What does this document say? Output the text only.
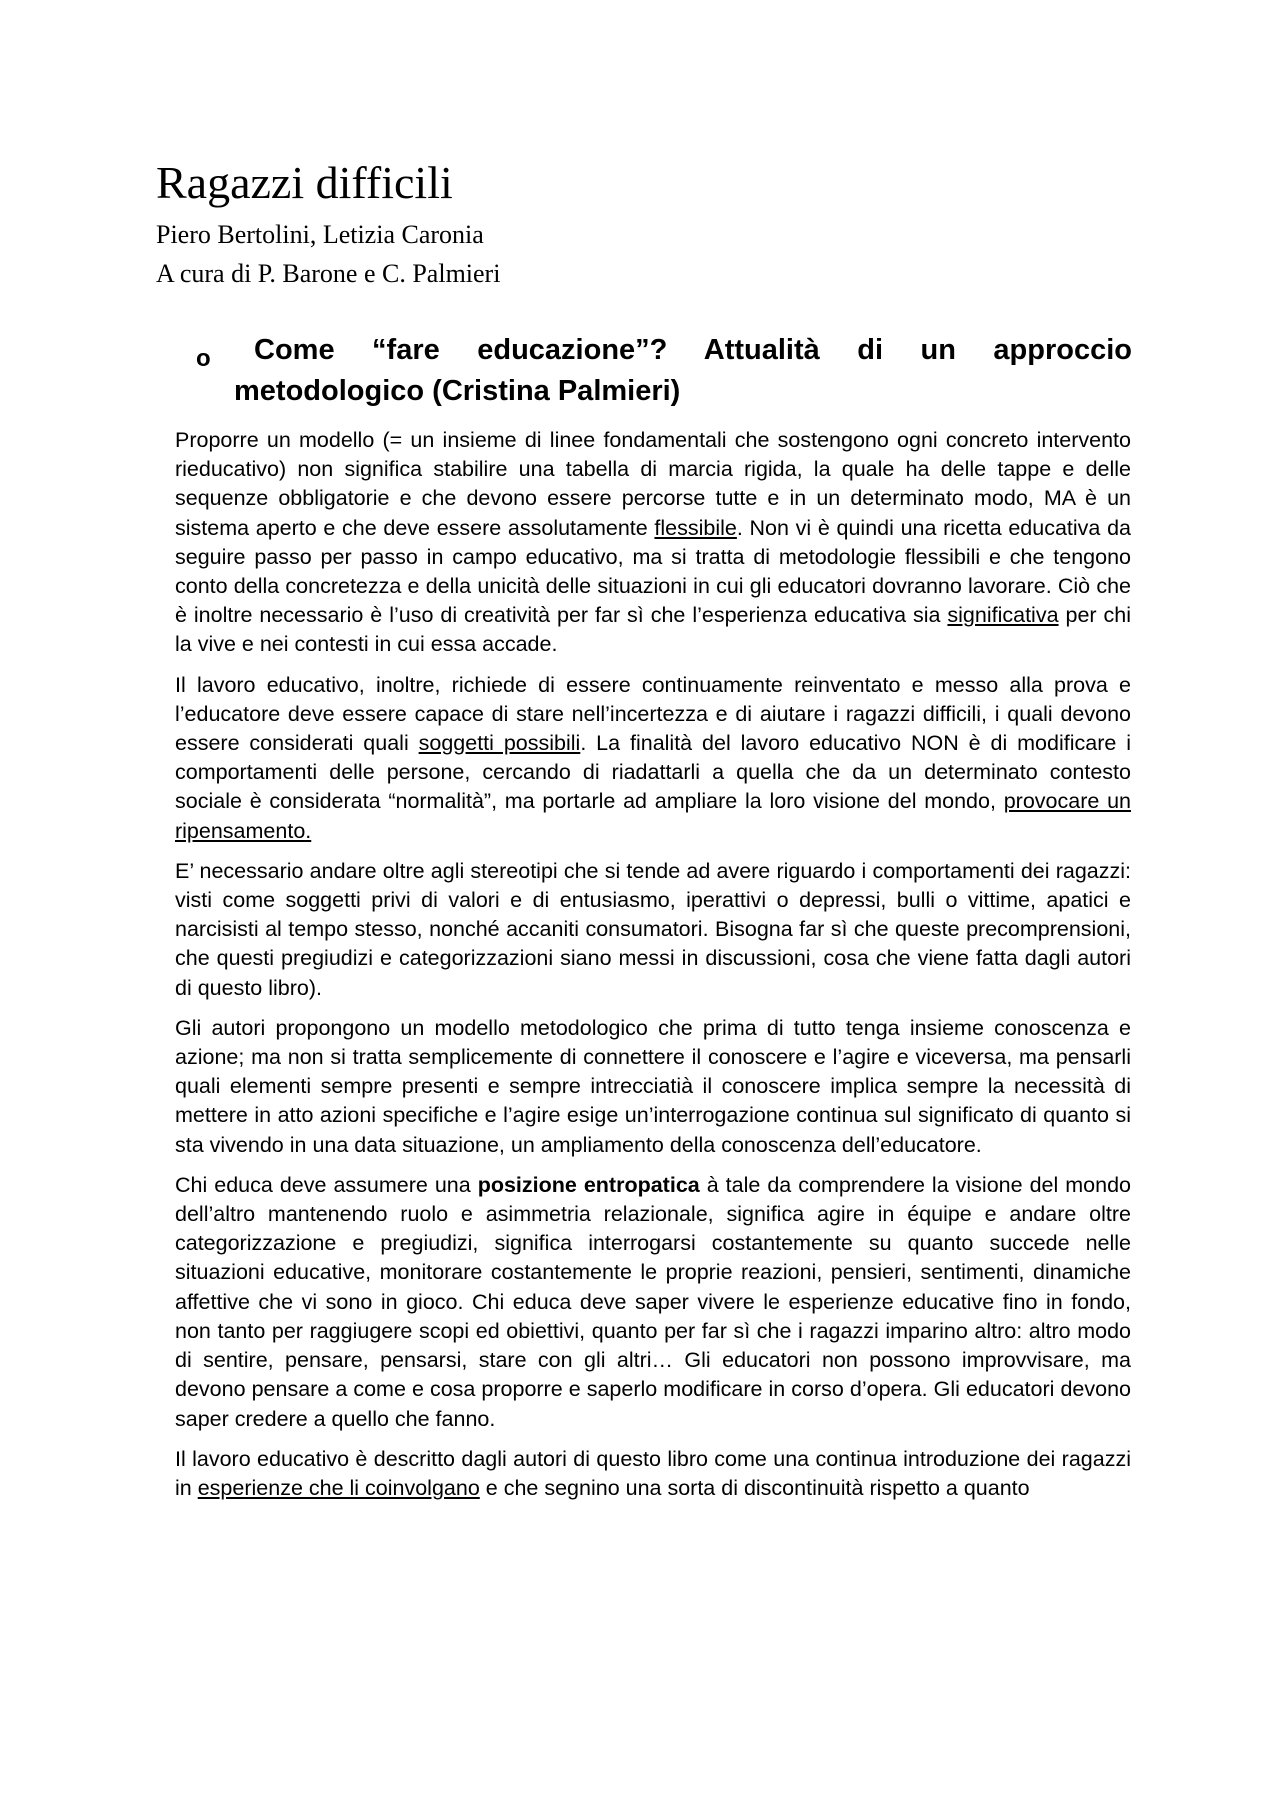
Ragazzi difficili

Piero Bertolini, Letizia Caronia

A cura di P. Barone e C. Palmieri

o	Come “fare educazione”? Attualità di un approccio metodologico (Cristina Palmieri)

Proporre un modello (= un insieme di linee fondamentali che sostengono ogni concreto intervento rieducativo) non significa stabilire una tabella di marcia rigida, la quale ha delle tappe e delle sequenze obbligatorie e che devono essere percorse tutte e in un determinato modo, MA è un sistema aperto e che deve essere assolutamente flessibile. Non vi è quindi una ricetta educativa da seguire passo per passo in campo educativo, ma si tratta di metodologie flessibili e che tengono conto della concretezza e della unicità delle situazioni in cui gli educatori dovranno lavorare. Ciò che è inoltre necessario è l’uso di creatività per far sì che l’esperienza educativa sia significativa per chi la vive e nei contesti in cui essa accade.

Il lavoro educativo, inoltre, richiede di essere continuamente reinventato e messo alla prova e l’educatore deve essere capace di stare nell’incertezza e di aiutare i ragazzi difficili, i quali devono essere considerati quali soggetti possibili. La finalità del lavoro educativo NON è di modificare i comportamenti delle persone, cercando di riadattarli a quella che da un determinato contesto sociale è considerata “normalità”, ma portarle ad ampliare la loro visione del mondo, provocare un ripensamento.

E’ necessario andare oltre agli stereotipi che si tende ad avere riguardo i comportamenti dei ragazzi: visti come soggetti privi di valori e di entusiasmo, iperattivi o depressi, bulli o vittime, apatici e narcisisti al tempo stesso, nonché accaniti consumatori. Bisogna far sì che queste precomprensioni, che questi pregiudizi e categorizzazioni siano messi in discussioni, cosa che viene fatta dagli autori di questo libro).

Gli autori propongono un modello metodologico che prima di tutto tenga insieme conoscenza e azione; ma non si tratta semplicemente di connettere il conoscere e l’agire e viceversa, ma pensarli quali elementi sempre presenti e sempre intrecciatià il conoscere implica sempre la necessità di mettere in atto azioni specifiche e l’agire esige un’interrogazione continua sul significato di quanto si sta vivendo in una data situazione, un ampliamento della conoscenza dell’educatore.

Chi educa deve assumere una posizione entropatica à tale da comprendere la visione del mondo dell’altro mantenendo ruolo e asimmetria relazionale, significa agire in équipe e andare oltre categorizzazione e pregiudizi, significa interrogarsi costantemente su quanto succede nelle situazioni educative, monitorare costantemente le proprie reazioni, pensieri, sentimenti, dinamiche affettive che vi sono in gioco. Chi educa deve saper vivere le esperienze educative fino in fondo, non tanto per raggiugere scopi ed obiettivi, quanto per far sì che i ragazzi imparino altro: altro modo di sentire, pensare, pensarsi, stare con gli altri… Gli educatori non possono improvvisare, ma devono pensare a come e cosa proporre e saperlo modificare in corso d’opera. Gli educatori devono saper credere a quello che fanno.

Il lavoro educativo è descritto dagli autori di questo libro come una continua introduzione dei ragazzi in esperienze che li coinvolgano e che segnino una sorta di discontinuità rispetto a quanto
